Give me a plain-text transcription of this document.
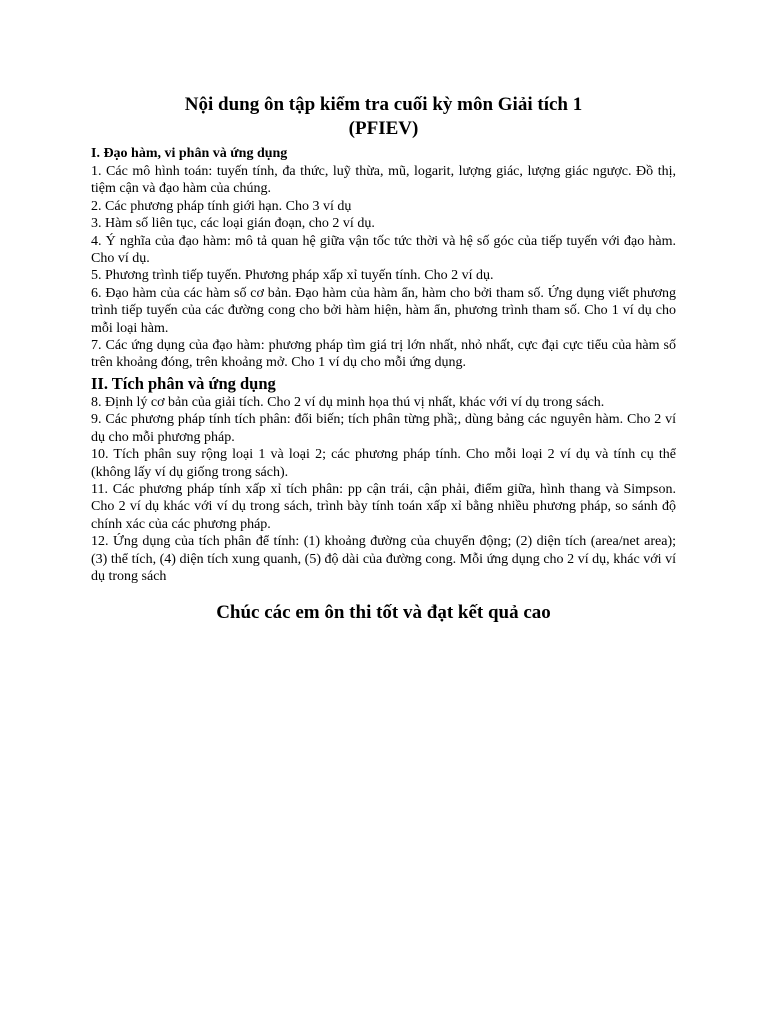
Nội dung ôn tập kiểm tra cuối kỳ môn Giải tích 1

(PFIEV)

I. Đạo hàm, vi phân và ứng dụng

1. Các mô hình toán: tuyến tính, đa thức, luỹ thừa, mũ, logarit, lượng giác, lượng giác ngược. Đồ thị, tiệm cận và đạo hàm của chúng.

2. Các phương pháp tính giới hạn. Cho 3 ví dụ

3. Hàm số liên tục, các loại gián đoạn, cho 2 ví dụ.

4. Ý nghĩa của đạo hàm: mô tả quan hệ giữa vận tốc tức thời và hệ số góc của tiếp tuyến với đạo hàm. Cho ví dụ.

5. Phương trình tiếp tuyến. Phương pháp xấp xỉ tuyến tính. Cho 2 ví dụ.

6. Đạo hàm của các hàm số cơ bản. Đạo hàm của hàm ẩn, hàm cho bởi tham số. Ứng dụng viết phương trình tiếp tuyến của các đường cong cho bởi hàm hiện, hàm ẩn, phương trình tham số. Cho 1 ví dụ cho mỗi loại hàm.

7. Các ứng dụng của đạo hàm: phương pháp tìm giá trị lớn nhất, nhỏ nhất, cực đại cực tiểu của hàm số trên khoảng đóng, trên khoảng mở. Cho 1 ví dụ cho mỗi ứng dụng.

II. Tích phân và ứng dụng

8. Định lý cơ bản của giải tích. Cho 2 ví dụ minh họa thú vị nhất, khác với ví dụ trong sách.

9. Các phương pháp tính tích phân: đổi biến; tích phân từng phầ;, dùng bảng các nguyên hàm. Cho 2 ví dụ cho mỗi phương pháp.

10. Tích phân suy rộng loại 1 và loại 2; các phương pháp tính. Cho mỗi loại 2 ví dụ và tính cụ thể (không lấy ví dụ giống trong sách).

11. Các phương pháp tính xấp xỉ tích phân: pp cận trái, cận phải, điểm giữa, hình thang và Simpson. Cho 2 ví dụ khác với ví dụ trong sách, trình bày tính toán xấp xỉ bằng nhiều phương pháp, so sánh độ chính xác của các phương pháp.

12. Ứng dụng của tích phân để tính: (1) khoảng đường của chuyển động; (2) diện tích (area/net area); (3) thể tích, (4) diện tích xung quanh, (5) độ dài của đường cong. Mỗi ứng dụng cho 2 ví dụ, khác với ví dụ trong sách

Chúc các em ôn thi tốt và đạt kết quả cao
